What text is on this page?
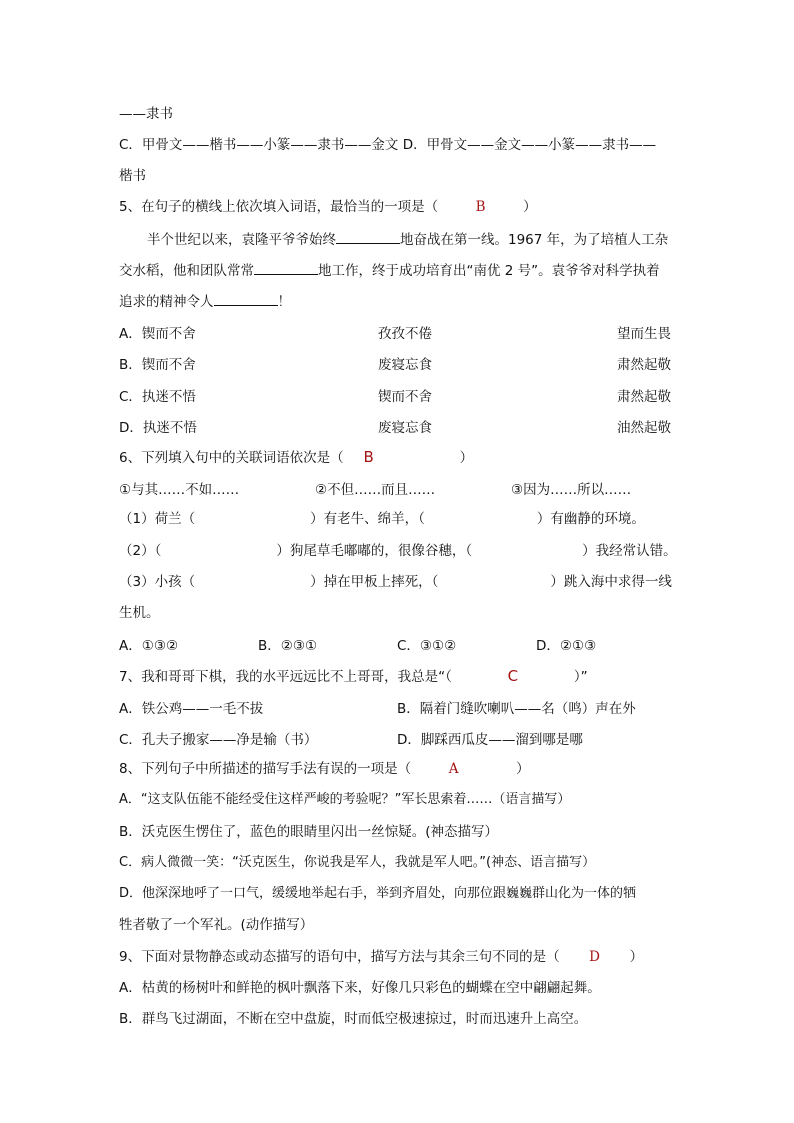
——隶书
C．甲骨文——楷书——小篆——隶书——金文 D．甲骨文——金文——小篆——隶书——
楷书
5、在句子的横线上依次填入词语，最恰当的一项是（	B	）
半个世纪以来，袁隆平爷爷始终	地奋战在第一线。1967 年，为了培植人工杂
交水稻，他和团队常常	地工作，终于成功培育出“南优 2 号”。袁爷爷对科学执着
追求的精神令人	！
A．锲而不舍	孜孜不倦	望而生畏
B．锲而不舍	废寝忘食	肃然起敬
C．执迷不悟	锲而不舍	肃然起敬
D．执迷不悟	废寝忘食	油然起敬
6、下列填入句中的关联词语依次是（ B	）
①与其……不如……	②不但……而且……	③因为……所以……
（1）荷兰（	）有老牛、绵羊，（	）有幽静的环境。
（2）（	）狗尾草毛嘟嘟的，很像谷穗，（	）我经常认错。
（3）小孩（	）掉在甲板上摔死，（	）跳入海中求得一线
生机。
A．①③②	B．②③①	C．③①②	D．②①③
7、我和哥哥下棋，我的水平远远比不上哥哥，我总是“（	C	）”
A．铁公鸡——一毛不拔	B．隔着门缝吹喇叭——名（鸣）声在外
C．孔夫子搬家——净是输（书）	D．脚踩西瓜皮——溜到哪是哪
8、下列句子中所描述的描写手法有误的一项是（	A	）
A．“这支队伍能不能经受住这样严峻的考验呢？”军长思索着……（语言描写）
B．沃克医生愣住了，蓝色的眼睛里闪出一丝惊疑。(神态描写）
C．病人微微一笑：“沃克医生，你说我是军人，我就是军人吧。”(神态、语言描写）
D．他深深地呼了一口气，缓缓地举起右手，举到齐眉处，向那位跟巍巍群山化为一体的牺
牲者敬了一个军礼。(动作描写）
9、下面对景物静态或动态描写的语句中，描写方法与其余三句不同的是（ D ）
A．枯黄的杨树叶和鲜艳的枫叶飘落下来，好像几只彩色的蝴蝶在空中翩翩起舞。
B．群鸟飞过湖面，不断在空中盘旋，时而低空极速掠过，时而迅速升上高空。
